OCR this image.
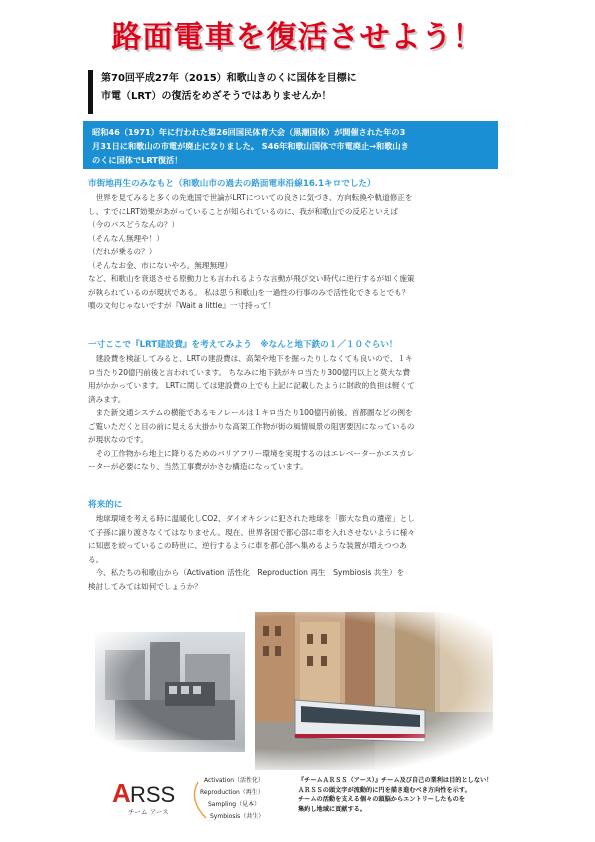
路面電車を復活させよう！
第70回平成27年（2015）和歌山きのくに国体を目標に
市電（LRT）の復活をめざそうではありませんか！
昭和46（1971）年に行われた第26回国民体育大会（黒潮国体）が開催された年の3
月31日に和歌山の市電が廃止になりました。 S46年和歌山国体で市電廃止→和歌山き
のくに国体でLRT復活！
市街地再生のみなもと（和歌山市の過去の路面電車沿線16.1キロでした）

　世界を見てみると多くの先進国で世論がLRTについての良さに気づき、方向転換や軌道修正を

し、すでにLRT効果があがっていることが知られているのに、我が和歌山での反応といえば

（今のバスどうなんの？）

（そんなん無理や！）

（だれが乗るの？）

（そんなお金、市にないやろ。無理無理）

など、和歌山を衰退させる原動力とも言われるような言動が飛び交い時代に逆行するが如く施策

が執られているのが現状である。 私は思う和歌山を一過性の行事のみで活性化できるとでも？

噴の文句じゃないですが『Wait a little』一寸持って！

一寸ここで『LRT建設費』を考えてみよう　※なんと地下鉄の１／１０ぐらい！

　建設費を検証してみると、LRTの建設費は、高架や地下を掘ったりしなくても良いので、１キ

ロ当たり20億円前後と言われています。 ちなみに地下鉄がキロ当たり300億円以上と莫大な費

用がかかっています。 LRTに関しては建設費の上でも上記に記載したように財政的負担は軽くて

済みます。

　また新交通システムの横能であるモノレールは１キロ当たり100億円前後、首都圏などの例を

ご覧いただくと目の前に見える大掛かりな高架工作物が街の風情風景の阻害要因になっているの

が現状なのです。

　その工作物から地上に降りるためのバリアフリー環境を実現するのはエレベーターかエスカレ

ーターが必要になり、当然工事費がかさむ構造になっています。

将来的に

　地球環境を考える時に温暖化しCO2、ダイオキシンに犯された地球を「膨大な負の遺産」とし

て子孫に譲り渡さなくてはなりません。現在、世界各国で都心部に車を入れさせないように様々

に知恵を絞っているこの時世に、逆行するように車を都心部へ集めるような装置が増えつつあ

る。

　今、私たちの和歌山から（Activation 活性化　Reproduction 再生　Symbiosis 共生）を

検討してみては如何でしょうか？

A RSS
チーム アース
Activation（活性化）
Reproduction（再生）
Sampling（見本）
Symbiosis（共生）
『チームＡＲＳＳ（アース）』チーム及び自己の業利は目的としない！
ＡＲＳＳの頭文字が流動的に円を描き進むべき方向性を示す。
チームの活動を支える個々の頭脳からエントリーしたものを
集約し地域に貢献する。
